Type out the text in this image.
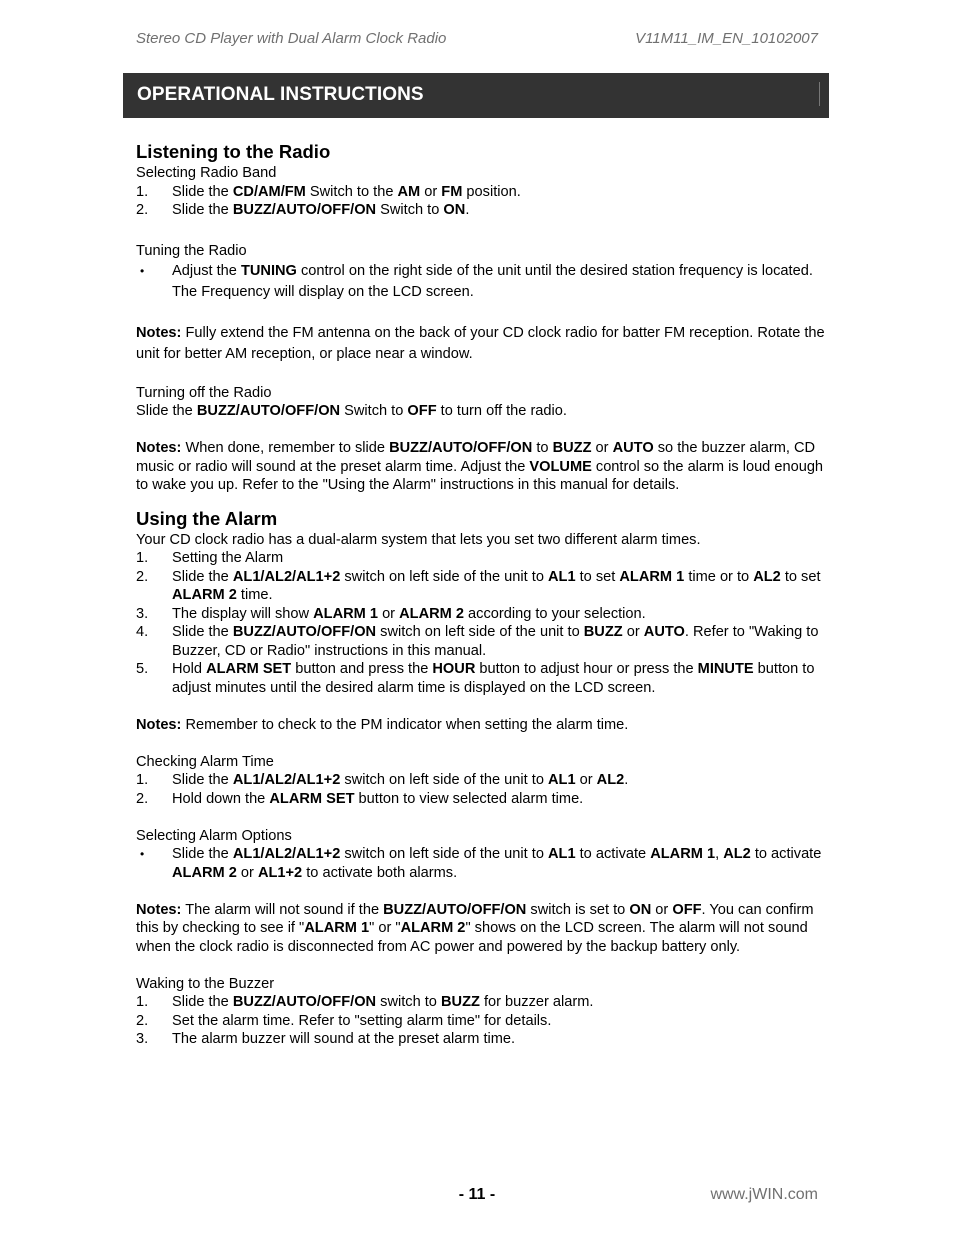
Stereo CD Player with Dual Alarm Clock Radio	V11M11_IM_EN_10102007
OPERATIONAL INSTRUCTIONS
Listening to the Radio
Selecting Radio Band
1. Slide the CD/AM/FM Switch to the AM or FM position.
2. Slide the BUZZ/AUTO/OFF/ON Switch to ON.
Tuning the Radio
• Adjust the TUNING control on the right side of the unit until the desired station frequency is located. The Frequency will display on the LCD screen.
Notes: Fully extend the FM antenna on the back of your CD clock radio for batter FM reception. Rotate the unit for better AM reception, or place near a window.
Turning off the Radio
Slide the BUZZ/AUTO/OFF/ON Switch to OFF to turn off the radio.
Notes: When done, remember to slide BUZZ/AUTO/OFF/ON to BUZZ or AUTO so the buzzer alarm, CD music or radio will sound at the preset alarm time. Adjust the VOLUME control so the alarm is loud enough to wake you up. Refer to the "Using the Alarm" instructions in this manual for details.
Using the Alarm
Your CD clock radio has a dual-alarm system that lets you set two different alarm times.
1. Setting the Alarm
2. Slide the AL1/AL2/AL1+2 switch on left side of the unit to AL1 to set ALARM 1 time or to AL2 to set ALARM 2 time.
3. The display will show ALARM 1 or ALARM 2 according to your selection.
4. Slide the BUZZ/AUTO/OFF/ON switch on left side of the unit to BUZZ or AUTO. Refer to "Waking to Buzzer, CD or Radio" instructions in this manual.
5. Hold ALARM SET button and press the HOUR button to adjust hour or press the MINUTE button to adjust minutes until the desired alarm time is displayed on the LCD screen.
Notes: Remember to check to the PM indicator when setting the alarm time.
Checking Alarm Time
1. Slide the AL1/AL2/AL1+2 switch on left side of the unit to AL1 or AL2.
2. Hold down the ALARM SET button to view selected alarm time.
Selecting Alarm Options
• Slide the AL1/AL2/AL1+2 switch on left side of the unit to AL1 to activate ALARM 1, AL2 to activate ALARM 2 or AL1+2 to activate both alarms.
Notes: The alarm will not sound if the BUZZ/AUTO/OFF/ON switch is set to ON or OFF. You can confirm this by checking to see if "ALARM 1" or "ALARM 2" shows on the LCD screen. The alarm will not sound when the clock radio is disconnected from AC power and powered by the backup battery only.
Waking to the Buzzer
1. Slide the BUZZ/AUTO/OFF/ON switch to BUZZ for buzzer alarm.
2. Set the alarm time. Refer to "setting alarm time" for details.
3. The alarm buzzer will sound at the preset alarm time.
- 11 -	www.jWIN.com
